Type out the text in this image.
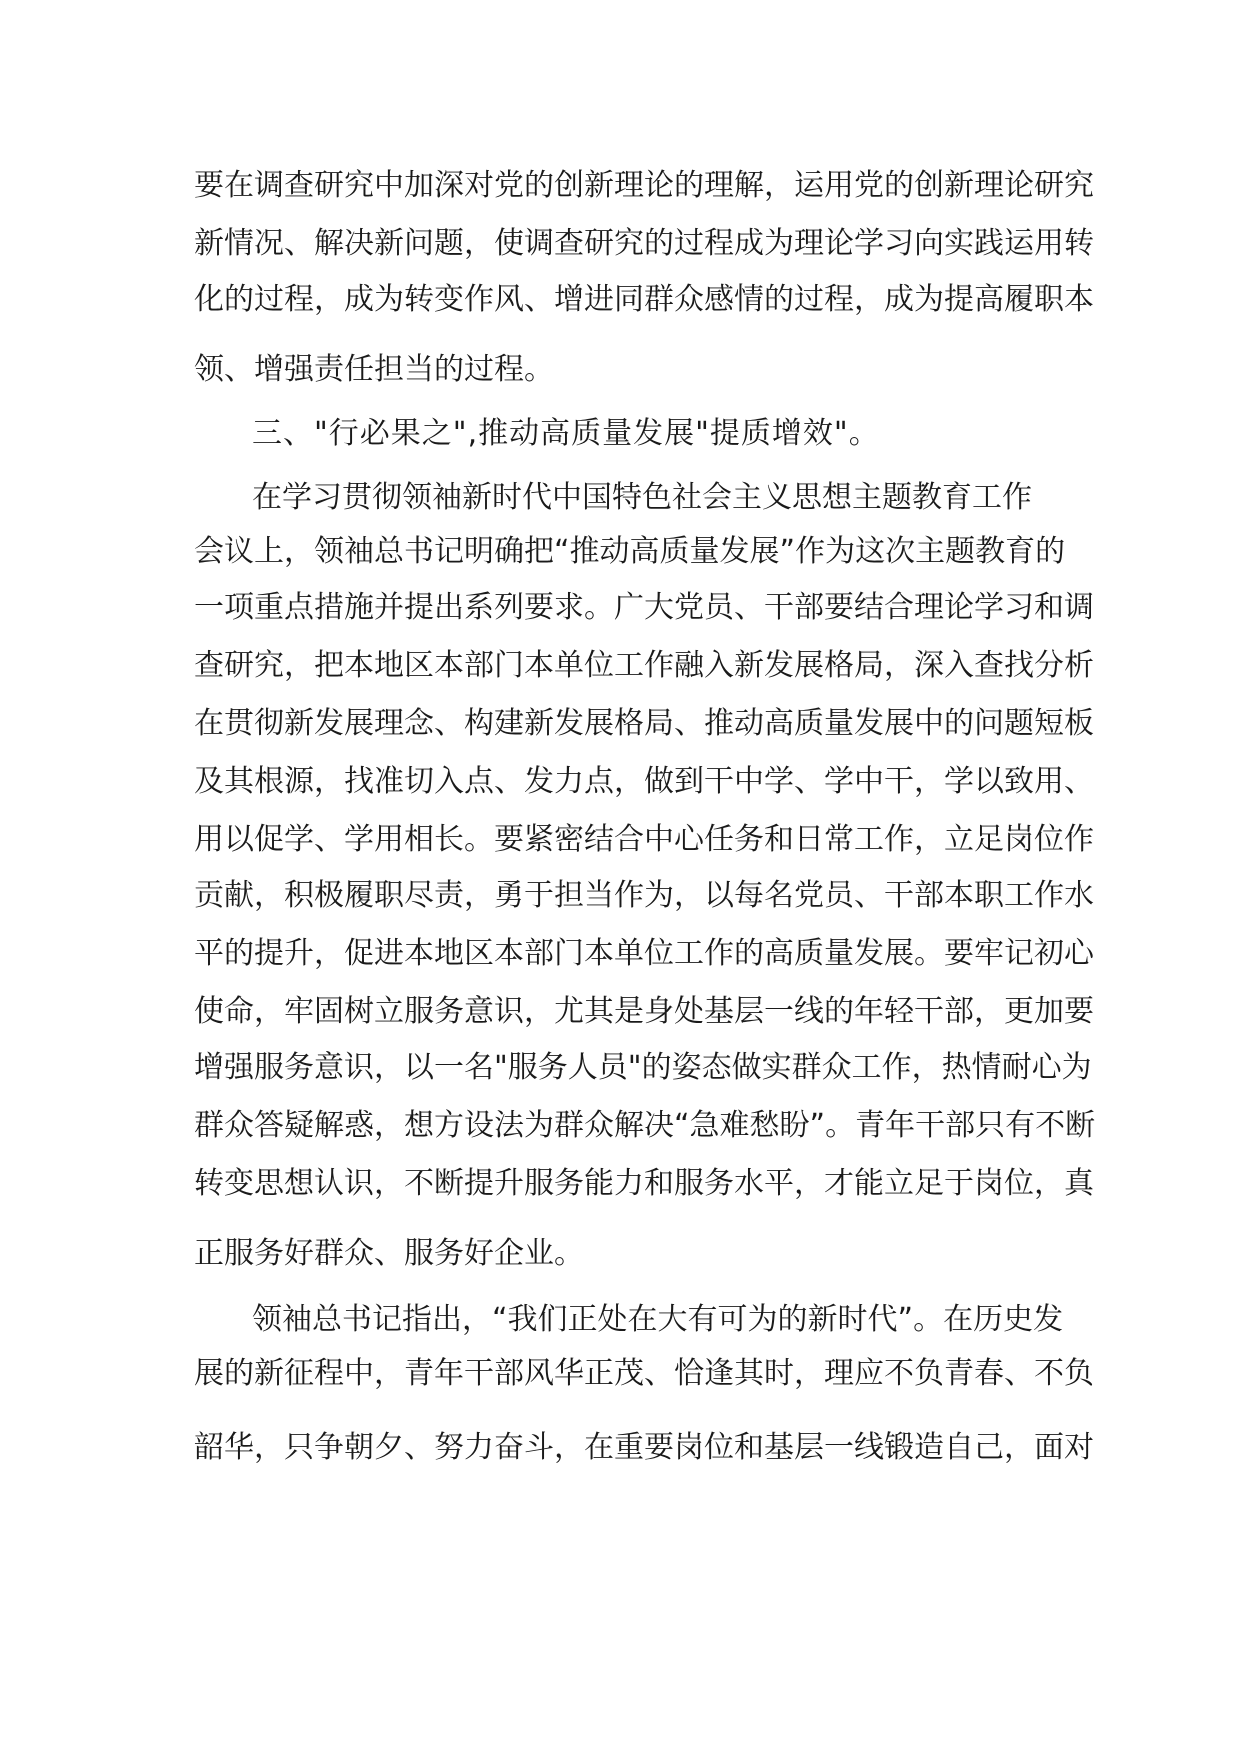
要在调查研究中加深对党的创新理论的理解，运用党的创新理论研究
新情况、解决新问题，使调查研究的过程成为理论学习向实践运用转
化的过程，成为转变作风、增进同群众感情的过程，成为提高履职本
领、增强责任担当的过程。
三、"行必果之",推动高质量发展"提质增效"。
在学习贯彻领袖新时代中国特色社会主义思想主题教育工作
会议上，领袖总书记明确把“推动高质量发展”作为这次主题教育的
一项重点措施并提出系列要求。广大党员、干部要结合理论学习和调
查研究，把本地区本部门本单位工作融入新发展格局，深入查找分析
在贯彻新发展理念、构建新发展格局、推动高质量发展中的问题短板
及其根源，找准切入点、发力点，做到干中学、学中干，学以致用、
用以促学、学用相长。要紧密结合中心任务和日常工作，立足岗位作
贡献，积极履职尽责，勇于担当作为，以每名党员、干部本职工作水
平的提升，促进本地区本部门本单位工作的高质量发展。要牢记初心
使命，牢固树立服务意识，尤其是身处基层一线的年轻干部，更加要
增强服务意识，以一名"服务人员"的姿态做实群众工作，热情耐心为
群众答疑解惑，想方设法为群众解决“急难愁盼”。青年干部只有不断
转变思想认识，不断提升服务能力和服务水平，才能立足于岗位，真
正服务好群众、服务好企业。
领袖总书记指出，“我们正处在大有可为的新时代”。在历史发
展的新征程中，青年干部风华正茂、恰逢其时，理应不负青春、不负
韶华，只争朝夕、努力奋斗，在重要岗位和基层一线锻造自己，面对
